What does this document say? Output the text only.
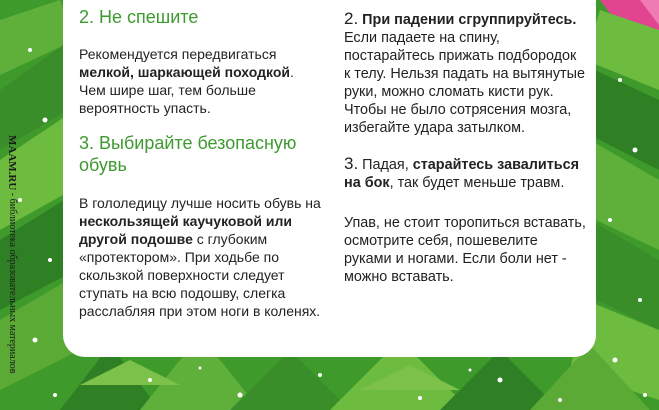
MAAM.RU - библиотека образовательных материалов
2. Не спешите

Рекомендуется передвигаться мелкой, шаркающей походкой. Чем шире шаг, тем больше вероятность упасть.

3. Выбирайте безопасную обувь

В гололедицу лучше носить обувь на нескользящей каучуковой или другой подошве с глубоким «протектором». При ходьбе по скользкой поверхности следует ступать на всю подошву, слегка расслабляя при этом ноги в коленях.

2. При падении сгруппируйтесь. Если падаете на спину, постарайтесь прижать подбородок к телу. Нельзя падать на вытянутые руки, можно сломать кисти рук. Чтобы не было сотрясения мозга, избегайте удара затылком.

3. Падая, старайтесь завалиться на бок, так будет меньше травм.

Упав, не стоит торопиться вставать, осмотрите себя, пошевелите руками и ногами. Если боли нет - можно вставать.
